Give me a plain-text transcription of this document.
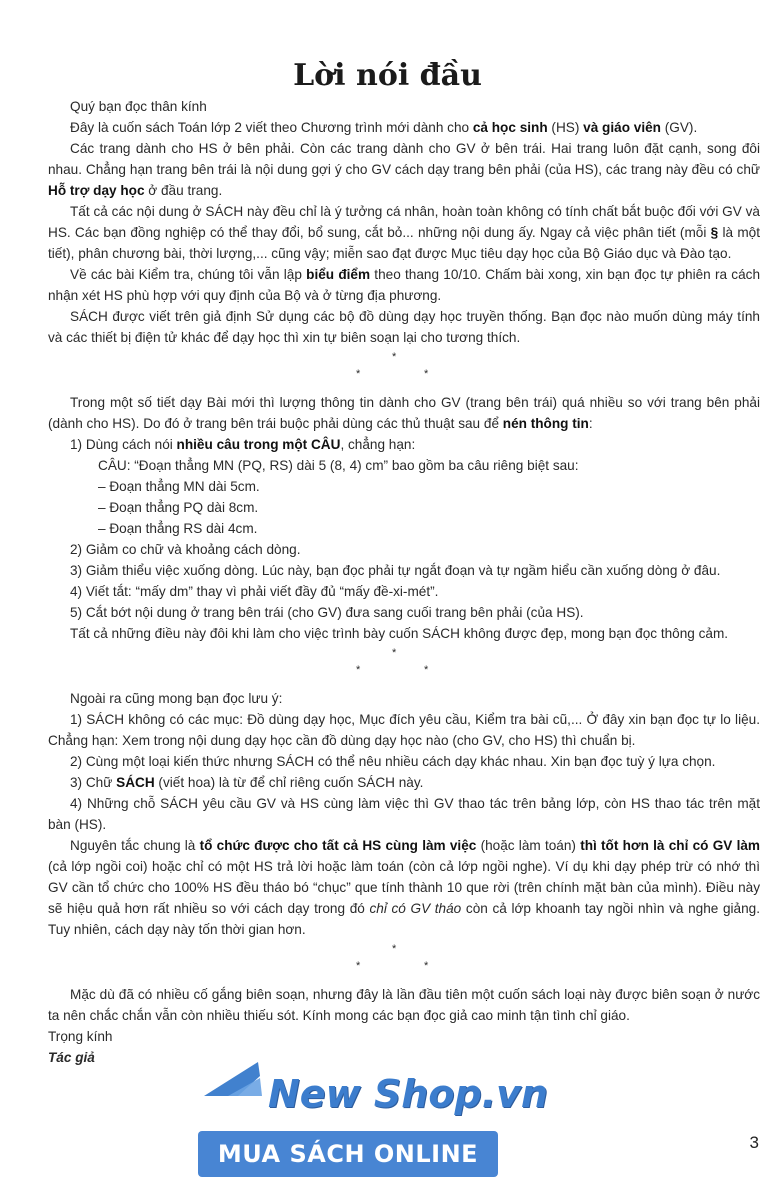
Lời nói đầu

Quý bạn đọc thân kính

Đây là cuốn sách Toán lớp 2 viết theo Chương trình mới dành cho cả học sinh (HS) và giáo viên (GV).

Các trang dành cho HS ở bên phải. Còn các trang dành cho GV ở bên trái. Hai trang luôn đặt cạnh, song đôi nhau. Chẳng hạn trang bên trái là nội dung gợi ý cho GV cách dạy trang bên phải (của HS), các trang này đều có chữ Hỗ trợ dạy học ở đầu trang.

Tất cả các nội dung ở SÁCH này đều chỉ là ý tưởng cá nhân, hoàn toàn không có tính chất bắt buộc đối với GV và HS. Các bạn đồng nghiệp có thể thay đổi, bổ sung, cắt bỏ... những nội dung ấy. Ngay cả việc phân tiết (mỗi § là một tiết), phân chương bài, thời lượng,... cũng vậy; miễn sao đạt được Mục tiêu dạy học của Bộ Giáo dục và Đào tạo.

Về các bài Kiểm tra, chúng tôi vẫn lập biểu điểm theo thang 10/10. Chấm bài xong, xin bạn đọc tự phiên ra cách nhận xét HS phù hợp với quy định của Bộ và ở từng địa phương.

SÁCH được viết trên giả định Sử dụng các bộ đồ dùng dạy học truyền thống. Bạn đọc nào muốn dùng máy tính và các thiết bị điện tử khác để dạy học thì xin tự biên soạn lại cho tương thích.

*
*	*

Trong một số tiết dạy Bài mới thì lượng thông tin dành cho GV (trang bên trái) quá nhiều so với trang bên phải (dành cho HS). Do đó ở trang bên trái buộc phải dùng các thủ thuật sau để nén thông tin:

1) Dùng cách nói nhiều câu trong một CÂU, chẳng hạn:

CÂU: “Đoạn thẳng MN (PQ, RS) dài 5 (8, 4) cm” bao gồm ba câu riêng biệt sau:

– Đoạn thẳng MN dài 5cm.

– Đoạn thẳng PQ dài 8cm.

– Đoạn thẳng RS dài 4cm.

2) Giảm co chữ và khoảng cách dòng.

3) Giảm thiểu việc xuống dòng. Lúc này, bạn đọc phải tự ngắt đoạn và tự ngầm hiểu cần xuống dòng ở đâu.

4) Viết tắt: “mấy dm” thay vì phải viết đầy đủ “mấy đề-xi-mét”.

5) Cắt bớt nội dung ở trang bên trái (cho GV) đưa sang cuối trang bên phải (của HS).

Tất cả những điều này đôi khi làm cho việc trình bày cuốn SÁCH không được đẹp, mong bạn đọc thông cảm.

*
*	*

Ngoài ra cũng mong bạn đọc lưu ý:

1) SÁCH không có các mục: Đồ dùng dạy học, Mục đích yêu cầu, Kiểm tra bài cũ,... Ở đây xin bạn đọc tự lo liệu. Chẳng hạn: Xem trong nội dung dạy học cần đồ dùng dạy học nào (cho GV, cho HS) thì chuẩn bị.

2) Cùng một loại kiến thức nhưng SÁCH có thể nêu nhiều cách dạy khác nhau. Xin bạn đọc tuỳ ý lựa chọn.

3) Chữ SÁCH (viết hoa) là từ để chỉ riêng cuốn SÁCH này.

4) Những chỗ SÁCH yêu cầu GV và HS cùng làm việc thì GV thao tác trên bảng lớp, còn HS thao tác trên mặt bàn (HS).

Nguyên tắc chung là tổ chức được cho tất cả HS cùng làm việc (hoặc làm toán) thì tốt hơn là chỉ có GV làm (cả lớp ngồi coi) hoặc chỉ có một HS trả lời hoặc làm toán (còn cả lớp ngồi nghe). Ví dụ khi dạy phép trừ có nhớ thì GV cần tổ chức cho 100% HS đều tháo bó “chục” que tính thành 10 que rời (trên chính mặt bàn của mình). Điều này sẽ hiệu quả hơn rất nhiều so với cách dạy trong đó chỉ có GV tháo còn cả lớp khoanh tay ngồi nhìn và nghe giảng. Tuy nhiên, cách dạy này tốn thời gian hơn.

*
*	*

Mặc dù đã có nhiều cố gắng biên soạn, nhưng đây là lần đầu tiên một cuốn sách loại này được biên soạn ở nước ta nên chắc chắn vẫn còn nhiều thiếu sót. Kính mong các bạn đọc giả cao minh tận tình chỉ giáo.

Trọng kính

Tác giả

New Shop.vn
MUA SÁCH ONLINE	3
